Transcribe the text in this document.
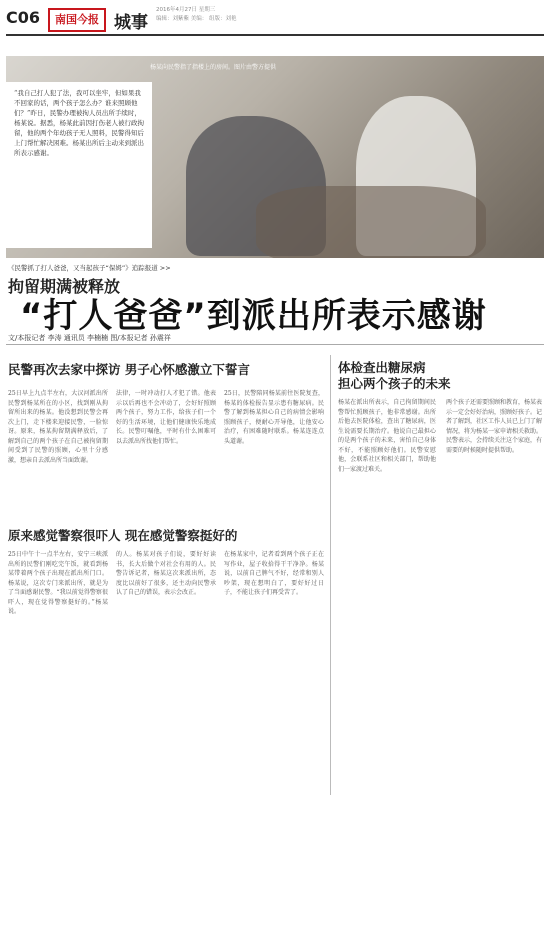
C06	南国今报 城事
2016年4月27日 星期三
编辑：刘紫紫 美编： 组版：刘艳
“我自己打人犯了法，我可以坐牢，但如果我不回家的话，两个孩子怎么办？谁来照顾他们？”昨日，民警办理被拘人员出所手续时，杨某说。据悉，杨某此前因打伤老人被行政拘留，他的两个年幼孩子无人照料，民警得知后上门帮忙解决困难。杨某出所后主动来到派出所表示感谢。
杨某向民警指了指楼上的房间。图片由警方提供
《民警抓了打人爸爸，又当起孩子“保姆”》追踪报道 >>
拘留期满被释放
“打人爸爸”到派出所表示感谢
文/本报记者 李涛 通讯员 李楠楠 图/本报记者 孙震祥
民警再次去家中探访 男子心怀感激立下誓言
25日早上九点半左右，大汉河派出所民警到杨某所在的小区，找到刚从拘留所出来的杨某。他没想到民警会再次上门，走下楼来迎接民警，一脸惊讶。原来，杨某拘留期满释放后，了解到自己的两个孩子在自己被拘留期间受到了民警的照顾，心里十分感激，想亲自去派出所当面致谢。
法律，一时冲动打人才犯了错。他表示以后再也不会冲动了，会好好照顾两个孩子，努力工作，给孩子们一个好的生活环境，让他们健康快乐地成长。民警叮嘱他，平时有什么困难可以去派出所找他们帮忙。
25日，民警陪同杨某前往医院复查，杨某的体检报告显示患有糖尿病。民警了解到杨某担心自己的病情会影响照顾孩子，便耐心开导他，让他安心治疗，有困难随时联系。杨某连连点头道谢。
原来感觉警察很吓人 现在感觉警察挺好的
25日中午十一点半左右，安宁三峡派出所的民警们刚吃完午饭，就看到杨某带着两个孩子出现在派出所门口。杨某说，这次专门来派出所，就是为了当面感谢民警。“我以前觉得警察很吓人，现在觉得警察挺好的。”杨某说。
的人。杨某对孩子们说，要好好读书，长大后做个对社会有用的人。民警告诉记者，杨某这次来派出所，态度比以前好了很多，还主动向民警承认了自己的错误，表示会改正。
在杨某家中，记者看到两个孩子正在写作业，屋子收拾得干干净净。杨某说，以前自己脾气不好，经常和别人吵架，现在想明白了，要好好过日子，不能让孩子们再受苦了。
体检查出糖尿病
担心两个孩子的未来
杨某在派出所表示，自己拘留期间民警帮忙照顾孩子，他非常感谢。出所后他去医院体检，查出了糖尿病，医生说需要长期治疗。他说自己最担心的是两个孩子的未来，害怕自己身体不好，不能照顾好他们。民警安慰他，会联系社区和相关部门，帮助他们一家渡过难关。
两个孩子还需要照顾和教育，杨某表示一定会好好治病，照顾好孩子。记者了解到，社区工作人员已上门了解情况，将为杨某一家申请相关救助。民警表示，会持续关注这个家庭，有需要的时候随时提供帮助。
